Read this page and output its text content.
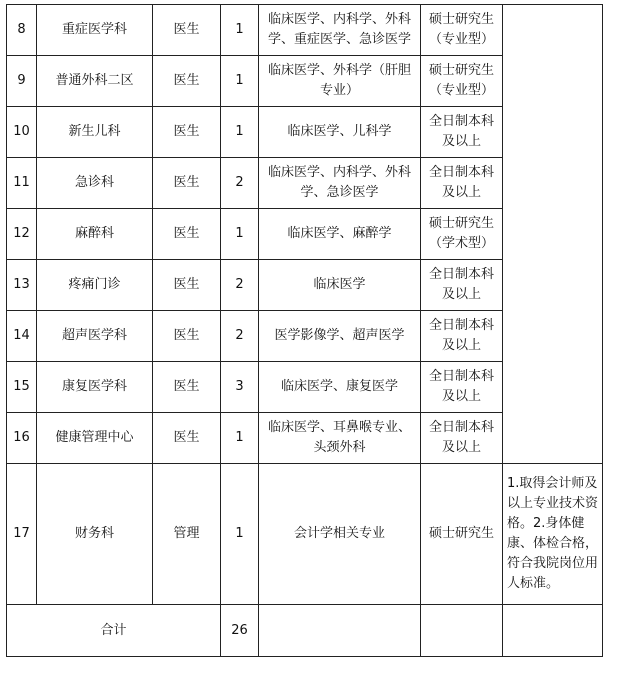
8	重症医学科	医生	1	临床医学、内科学、外科学、重症医学、急诊医学	硕士研究生（专业型）	
9	普通外科二区	医生	1	临床医学、外科学（肝胆专业）	硕士研究生（专业型）	
10	新生儿科	医生	1	临床医学、儿科学	全日制本科及以上	
11	急诊科	医生	2	临床医学、内科学、外科学、急诊医学	全日制本科及以上	
12	麻醉科	医生	1	临床医学、麻醉学	硕士研究生（学术型）	
13	疼痛门诊	医生	2	临床医学	全日制本科及以上	
14	超声医学科	医生	2	医学影像学、超声医学	全日制本科及以上	
15	康复医学科	医生	3	临床医学、康复医学	全日制本科及以上	
16	健康管理中心	医生	1	临床医学、耳鼻喉专业、头颈外科	全日制本科及以上	
17	财务科	管理	1	会计学相关专业	硕士研究生	1.取得会计师及以上专业技术资格。2.身体健康、体检合格，符合我院岗位用人标准。
合计			26			
